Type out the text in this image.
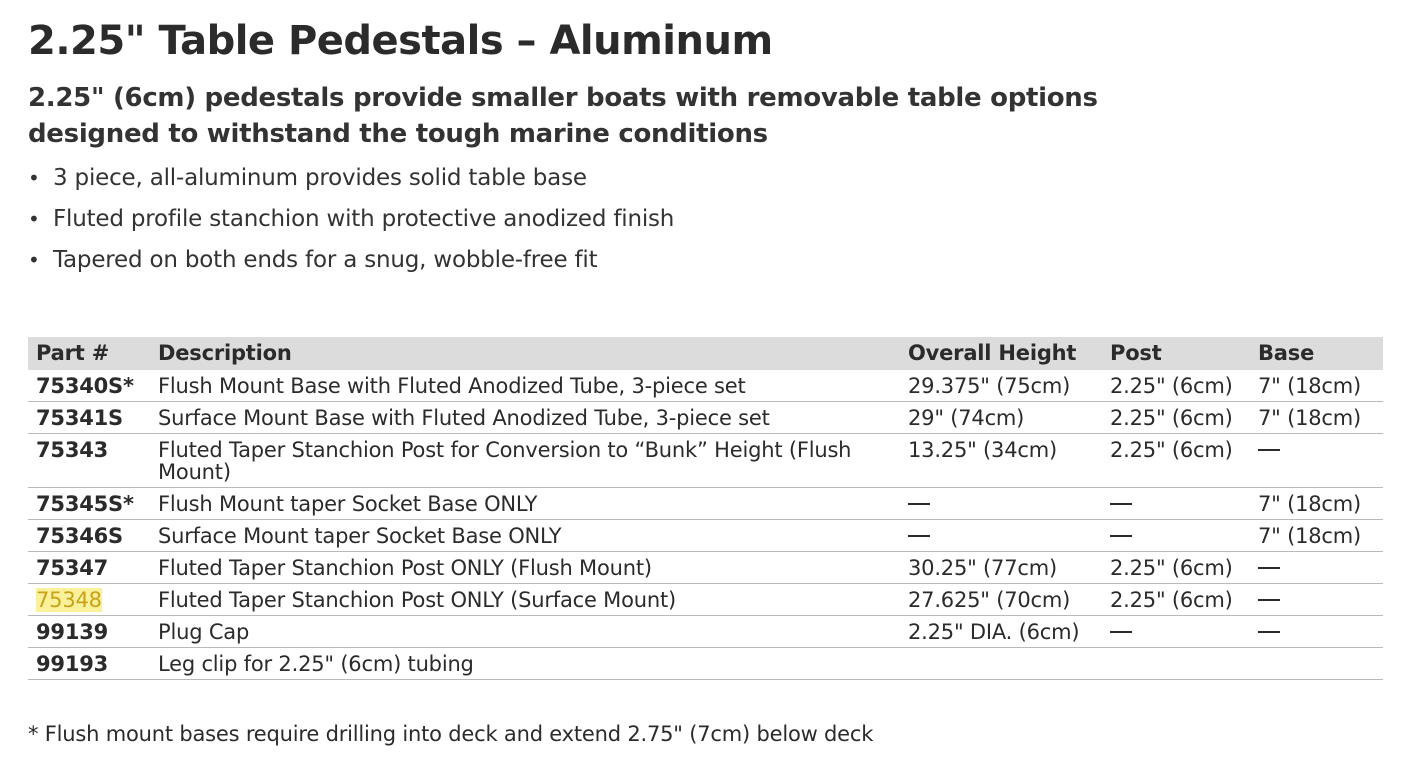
2.25" Table Pedestals – Aluminum
2.25" (6cm) pedestals provide smaller boats with removable table options
designed to withstand the tough marine conditions
• 3 piece, all-aluminum provides solid table base
• Fluted profile stanchion with protective anodized finish
• Tapered on both ends for a snug, wobble-free fit
Part #	Description	Overall Height	Post	Base
75340S*	Flush Mount Base with Fluted Anodized Tube, 3-piece set	29.375" (75cm)	2.25" (6cm)	7" (18cm)
75341S	Surface Mount Base with Fluted Anodized Tube, 3-piece set	29" (74cm)	2.25" (6cm)	7" (18cm)
75343	Fluted Taper Stanchion Post for Conversion to “Bunk” Height (Flush Mount)	13.25" (34cm)	2.25" (6cm)	
75345S*	Flush Mount taper Socket Base ONLY			7" (18cm)
75346S	Surface Mount taper Socket Base ONLY			7" (18cm)
75347	Fluted Taper Stanchion Post ONLY (Flush Mount)	30.25" (77cm)	2.25" (6cm)	
75348	Fluted Taper Stanchion Post ONLY (Surface Mount)	27.625" (70cm)	2.25" (6cm)	
99139	Plug Cap	2.25" DIA. (6cm)		
99193	Leg clip for 2.25" (6cm) tubing			

* Flush mount bases require drilling into deck and extend 2.75" (7cm) below deck
